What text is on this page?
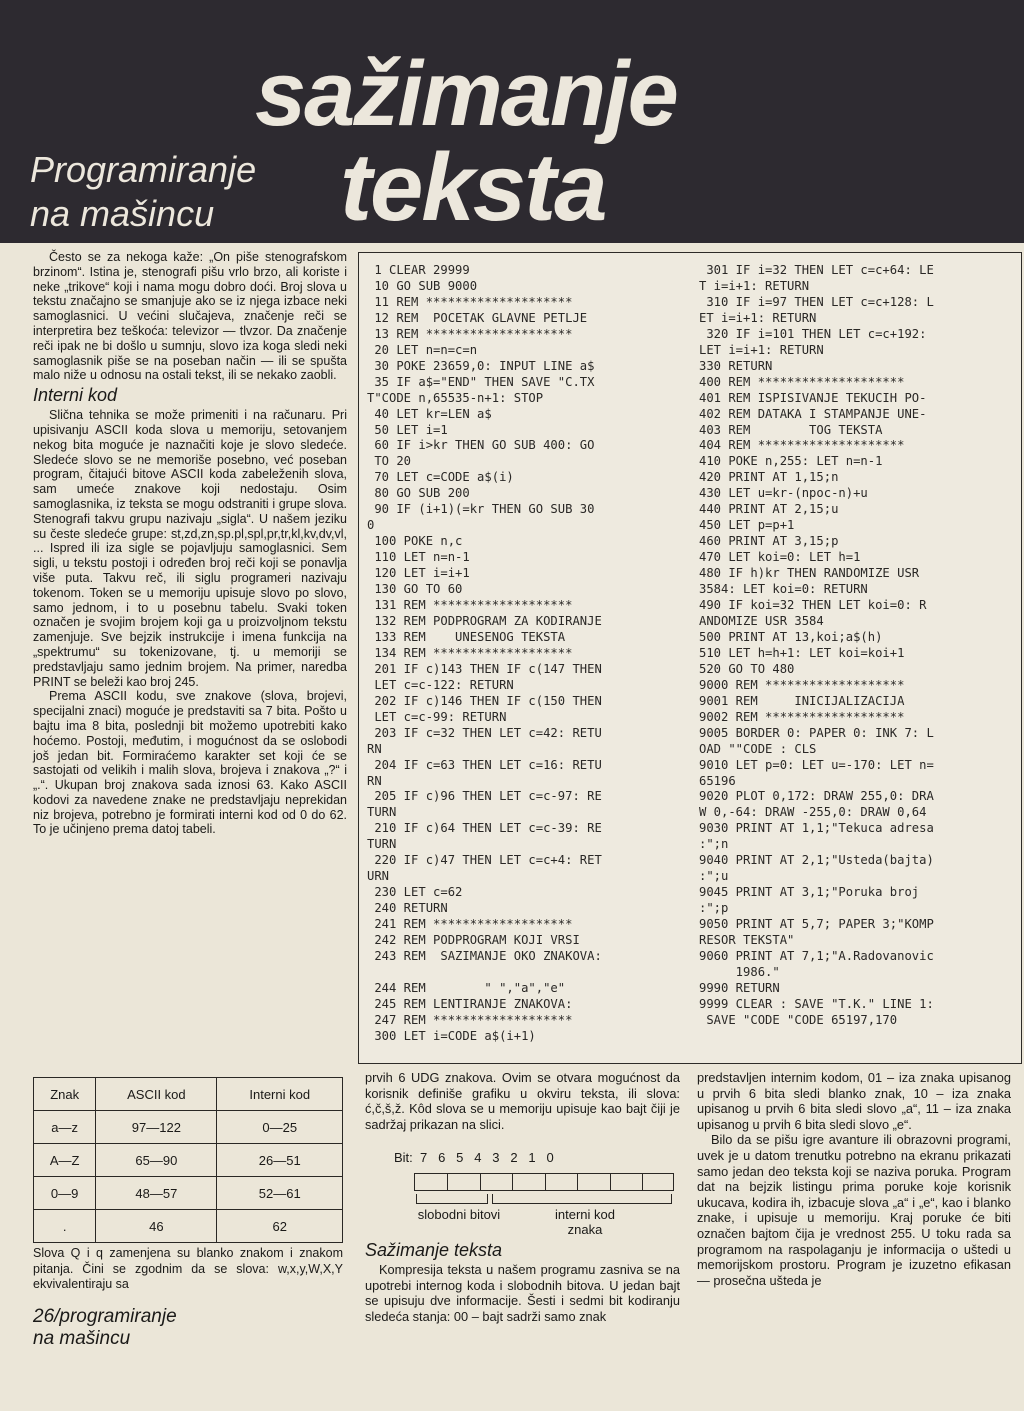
Programiranje
na mašincu
sažimanje
teksta

Često se za nekoga kaže: „On piše stenografskom brzinom“. Istina je, stenografi pišu vrlo brzo, ali koriste i neke „trikove“ koji i nama mogu dobro doći. Broj slova u tekstu značajno se smanjuje ako se iz njega izbace neki samoglasnici. U većini slučajeva, značenje reči se interpretira bez teškoća: televizor — tlvzor. Da značenje reči ipak ne bi došlo u sumnju, slovo iza koga sledi neki samoglasnik piše se na poseban način — ili se spušta malo niže u odnosu na ostali tekst, ili se nekako zaobli.

Interni kod

Slična tehnika se može primeniti i na računaru. Pri upisivanju ASCII koda slova u memoriju, setovanjem nekog bita moguće je naznačiti koje je slovo sledeće. Sledeće slovo se ne memoriše posebno, već poseban program, čitajući bitove ASCII koda zabeleženih slova, sam umeće znakove koji nedostaju. Osim samoglasnika, iz teksta se mogu odstraniti i grupe slova. Stenografi takvu grupu nazivaju „sigla“. U našem jeziku su česte sledeće grupe: st,zd,zn,sp.pl,spl,pr,tr,kl,kv,dv,vl, ... Ispred ili iza sigle se pojavljuju samoglasnici. Sem sigli, u tekstu postoji i određen broj reči koji se ponavlja više puta. Takvu reč, ili siglu programeri nazivaju tokenom. Token se u memoriju upisuje slovo po slovo, samo jednom, i to u posebnu tabelu. Svaki token označen je svojim brojem koji ga u proizvoljnom tekstu zamenjuje. Sve bejzik instrukcije i imena funkcija na „spektrumu“ su tokenizovane, tj. u memoriji se predstavljaju samo jednim brojem. Na primer, naredba PRINT se beleži kao broj 245.

Prema ASCII kodu, sve znakove (slova, brojevi, specijalni znaci) moguće je predstaviti sa 7 bita. Pošto u bajtu ima 8 bita, poslednji bit možemo upotrebiti kako hoćemo. Postoji, međutim, i mogućnost da se oslobodi još jedan bit. Formiraćemo karakter set koji će se sastojati od velikih i malih slova, brojeva i znakova „?“ i „.“. Ukupan broj znakova sada iznosi 63. Kako ASCII kodovi za navedene znake ne predstavljaju neprekidan niz brojeva, potrebno je formirati interni kod od 0 do 62. To je učinjeno prema datoj tabeli.

Znak	ASCII kod	Interni kod
a—z	97—122	0—25
A—Z	65—90	26—51
0—9	48—57	52—61
.	46	62
Slova Q i q zamenjena su blanko znakom i znakom pitanja. Čini se zgodnim da se slova: w,x,y,W,X,Y ekvivalentiraju sa
26/programiranje
na mašincu
1 CLEAR 29999
10 GO SUB 9000
11 REM ********************
12 REM  POCETAK GLAVNE PETLJE
13 REM ********************
20 LET n=n=c=n
30 POKE 23659,0: INPUT LINE a$
35 IF a$="END" THEN SAVE "C.TX
T"CODE n,65535-n+1: STOP
40 LET kr=LEN a$
50 LET i=1
60 IF i>kr THEN GO SUB 400: GO
TO 20
70 LET c=CODE a$(i)
80 GO SUB 200
90 IF (i+1)(=kr THEN GO SUB 30
0
100 POKE n,c
110 LET n=n-1
120 LET i=i+1
130 GO TO 60
131 REM *******************
132 REM PODPROGRAM ZA KODIRANJE
133 REM    UNESENOG TEKSTA
134 REM *******************
201 IF c)143 THEN IF c(147 THEN
LET c=c-122: RETURN
202 IF c)146 THEN IF c(150 THEN
LET c=c-99: RETURN
203 IF c=32 THEN LET c=42: RETU
RN
204 IF c=63 THEN LET c=16: RETU
RN
205 IF c)96 THEN LET c=c-97: RE
TURN
210 IF c)64 THEN LET c=c-39: RE
TURN
220 IF c)47 THEN LET c=c+4: RET
URN
230 LET c=62
240 RETURN
241 REM *******************
242 REM PODPROGRAM KOJI VRSI
243 REM  SAZIMANJE OKO ZNAKOVA:

244 REM        " ","a","e"
245 REM LENTIRANJE ZNAKOVA:
247 REM *******************
300 LET i=CODE a$(i+1)
301 IF i=32 THEN LET c=c+64: LE
T i=i+1: RETURN
310 IF i=97 THEN LET c=c+128: L
ET i=i+1: RETURN
320 IF i=101 THEN LET c=c+192:
LET i=i+1: RETURN
330 RETURN
400 REM ********************
401 REM ISPISIVANJE TEKUCIH PO-
402 REM DATAKA I STAMPANJE UNE-
403 REM        TOG TEKSTA
404 REM ********************
410 POKE n,255: LET n=n-1
420 PRINT AT 1,15;n
430 LET u=kr-(npoc-n)+u
440 PRINT AT 2,15;u
450 LET p=p+1
460 PRINT AT 3,15;p
470 LET koi=0: LET h=1
480 IF h)kr THEN RANDOMIZE USR
3584: LET koi=0: RETURN
490 IF koi=32 THEN LET koi=0: R
ANDOMIZE USR 3584
500 PRINT AT 13,koi;a$(h)
510 LET h=h+1: LET koi=koi+1
520 GO TO 480
9000 REM *******************
9001 REM     INICIJALIZACIJA
9002 REM *******************
9005 BORDER 0: PAPER 0: INK 7: L
OAD ""CODE : CLS
9010 LET p=0: LET u=-170: LET n=
65196
9020 PLOT 0,172: DRAW 255,0: DRA
W 0,-64: DRAW -255,0: DRAW 0,64
9030 PRINT AT 1,1;"Tekuca adresa
:";n
9040 PRINT AT 2,1;"Usteda(bajta)
:";u
9045 PRINT AT 3,1;"Poruka broj
:";p
9050 PRINT AT 5,7; PAPER 3;"KOMP
RESOR TEKSTA"
9060 PRINT AT 7,1;"A.Radovanovic
1986."
9990 RETURN
9999 CLEAR : SAVE "T.K." LINE 1:
SAVE "CODE "CODE 65197,170
prvih 6 UDG znakova. Ovim se otvara mogućnost da korisnik definiše grafiku u okviru teksta, ili slova: ć,č,š,ž. Kôd slova se u memoriju upisuje kao bajt čiji je sadržaj prikazan na slici.
Bit:  7   6   5   4   3   2   1   0
slobodni bitovi	interni kod znaka
Sažimanje teksta

Kompresija teksta u našem programu zasniva se na upotrebi internog koda i slobodnih bitova. U jedan bajt se upisuju dve informacije. Šesti i sedmi bit kodiranju sledeća stanja: 00 – bajt sadrži samo znak

predstavljen internim kodom, 01 – iza znaka upisanog u prvih 6 bita sledi blanko znak, 10 – iza znaka upisanog u prvih 6 bita sledi slovo „a“, 11 – iza znaka upisanog u prvih 6 bita sledi slovo „e“.

Bilo da se pišu igre avanture ili obrazovni programi, uvek je u datom trenutku potrebno na ekranu prikazati samo jedan deo teksta koji se naziva poruka. Program dat na bejzik listingu prima poruke koje korisnik ukucava, kodira ih, izbacuje slova „a“ i „e“, kao i blanko znake, i upisuje u memoriju. Kraj poruke će biti označen bajtom čija je vrednost 255. U toku rada sa programom na raspolaganju je informacija o uštedi u memorijskom prostoru. Program je izuzetno efikasan — prosečna ušteda je
